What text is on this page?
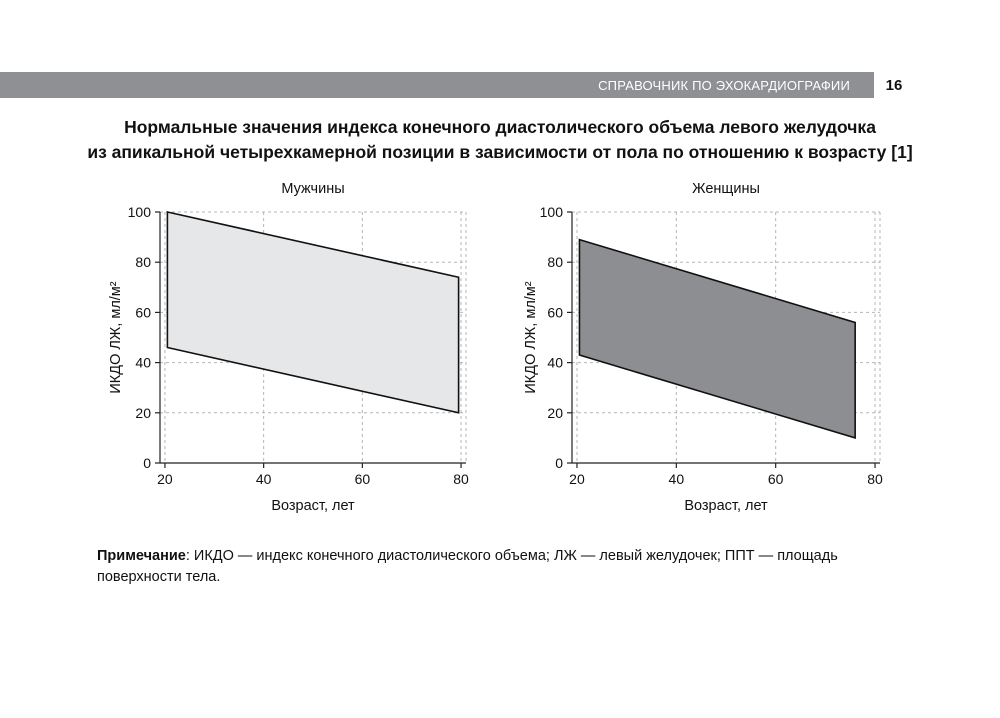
СПРАВОЧНИК ПО ЭХОКАРДИОГРАФИИ	16
Нормальные значения индекса конечного диастолического объема левого желудочка
из апикальной четырехкамерной позиции в зависимости от пола по отношению к возрасту [1]
0
20
40
60
80
100
20	40	60	80
Мужчины
Возраст, лет
ИКДО ЛЖ, мл/м²
0
20
40
60
80
100
20	40	60	80
Женщины
Возраст, лет
ИКДО ЛЖ, мл/м²
Примечание: ИКДО — индекс конечного диастолического объема; ЛЖ — левый желудочек; ППТ — площадь поверхности тела.
